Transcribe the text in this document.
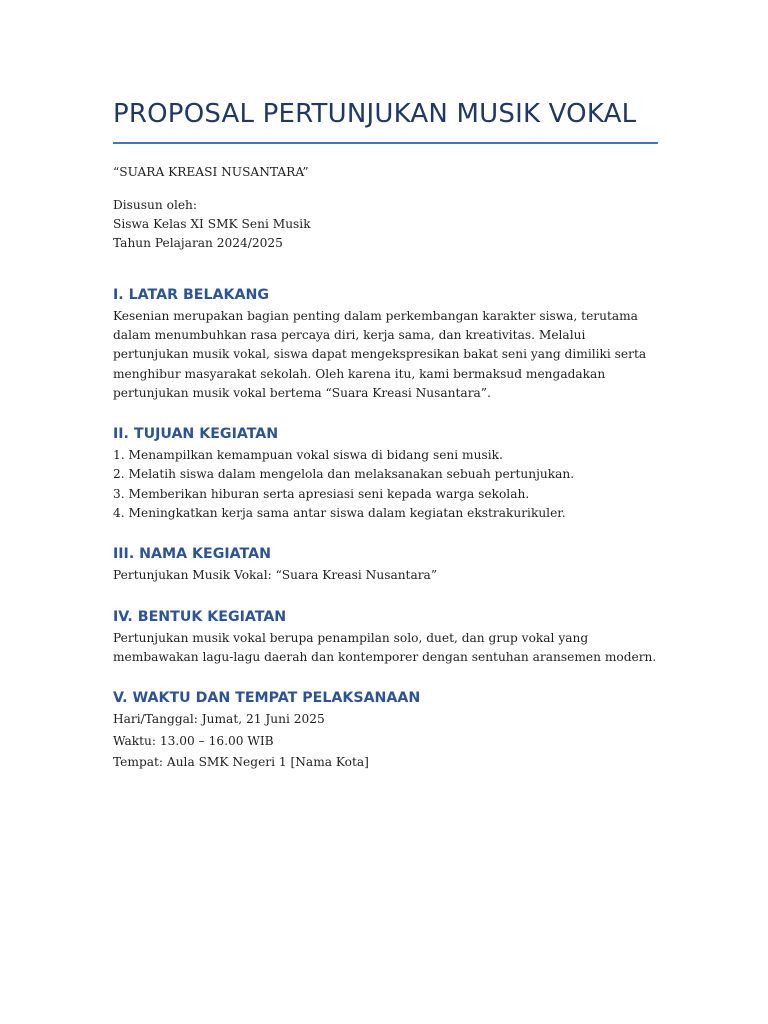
PROPOSAL PERTUNJUKAN MUSIK VOKAL

“SUARA KREASI NUSANTARA”

Disusun oleh:
Siswa Kelas XI SMK Seni Musik
Tahun Pelajaran 2024/2025
I. LATAR BELAKANG

Kesenian merupakan bagian penting dalam perkembangan karakter siswa, terutama dalam menumbuhkan rasa percaya diri, kerja sama, dan kreativitas. Melalui pertunjukan musik vokal, siswa dapat mengekspresikan bakat seni yang dimiliki serta menghibur masyarakat sekolah. Oleh karena itu, kami bermaksud mengadakan pertunjukan musik vokal bertema “Suara Kreasi Nusantara”.

II. TUJUAN KEGIATAN
1. Menampilkan kemampuan vokal siswa di bidang seni musik.
2. Melatih siswa dalam mengelola dan melaksanakan sebuah pertunjukan.
3. Memberikan hiburan serta apresiasi seni kepada warga sekolah.
4. Meningkatkan kerja sama antar siswa dalam kegiatan ekstrakurikuler.
III. NAMA KEGIATAN

Pertunjukan Musik Vokal: “Suara Kreasi Nusantara”

IV. BENTUK KEGIATAN

Pertunjukan musik vokal berupa penampilan solo, duet, dan grup vokal yang membawakan lagu-lagu daerah dan kontemporer dengan sentuhan aransemen modern.

V. WAKTU DAN TEMPAT PELAKSANAAN
Hari/Tanggal: Jumat, 21 Juni 2025
Waktu: 13.00 – 16.00 WIB
Tempat: Aula SMK Negeri 1 [Nama Kota]
